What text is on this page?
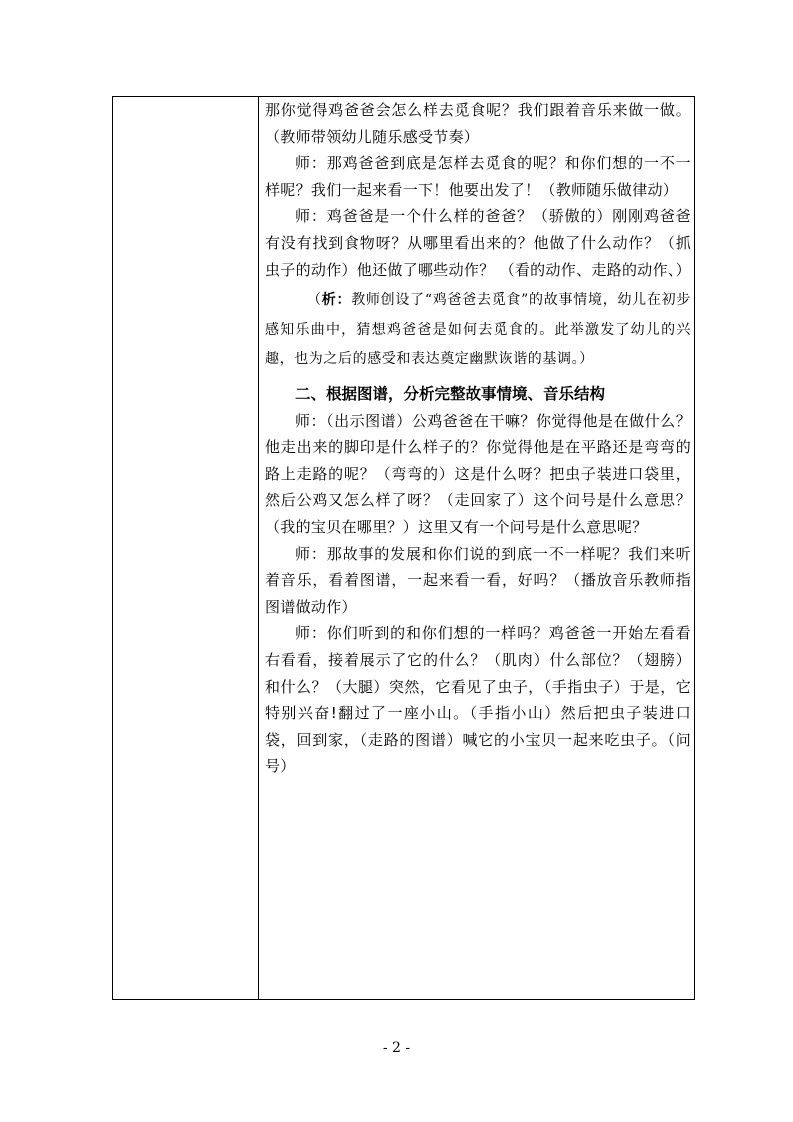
那你觉得鸡爸爸会怎么样去觅食呢？我们跟着音乐来做一做。（教师带领幼儿随乐感受节奏）

师：那鸡爸爸到底是怎样去觅食的呢？和你们想的一不一样呢？我们一起来看一下！他要出发了！（教师随乐做律动）

师：鸡爸爸是一个什么样的爸爸？（骄傲的）刚刚鸡爸爸有没有找到食物呀？从哪里看出来的？他做了什么动作？（抓虫子的动作）他还做了哪些动作？ （看的动作、走路的动作、）

（析：教师创设了“鸡爸爸去觅食”的故事情境，幼儿在初步感知乐曲中，猜想鸡爸爸是如何去觅食的。此举激发了幼儿的兴趣，也为之后的感受和表达奠定幽默诙谐的基调。）

二、根据图谱，分析完整故事情境、音乐结构

师：（出示图谱）公鸡爸爸在干嘛？你觉得他是在做什么？他走出来的脚印是什么样子的？你觉得他是在平路还是弯弯的路上走路的呢？（弯弯的）这是什么呀？把虫子装进口袋里，然后公鸡又怎么样了呀？（走回家了）这个问号是什么意思？（我的宝贝在哪里？）这里又有一个问号是什么意思呢？

师：那故事的发展和你们说的到底一不一样呢？我们来听着音乐，看着图谱，一起来看一看，好吗？（播放音乐教师指图谱做动作）

师：你们听到的和你们想的一样吗？鸡爸爸一开始左看看右看看，接着展示了它的什么？（肌肉）什么部位？（翅膀）和什么？（大腿）突然，它看见了虫子，（手指虫子）于是，它特别兴奋!翻过了一座小山。（手指小山）然后把虫子装进口袋，回到家，（走路的图谱）喊它的小宝贝一起来吃虫子。（问号）

- 2 -
